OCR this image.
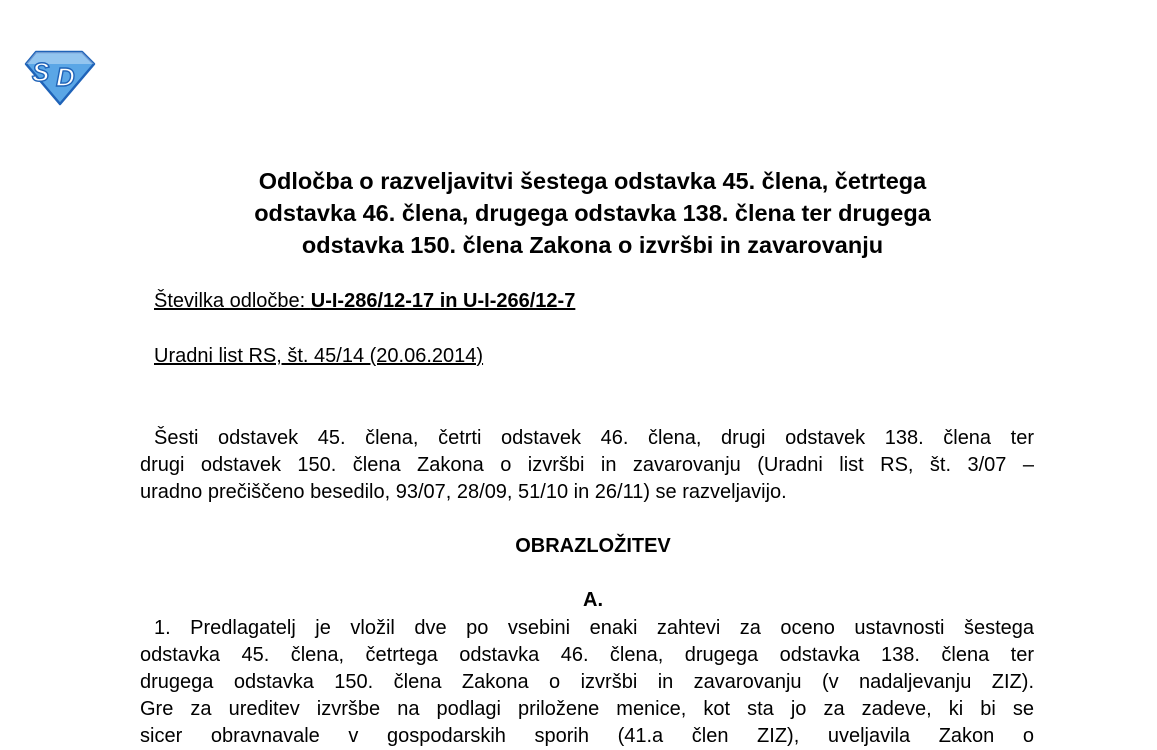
S D
Odločba o razveljavitvi šestega odstavka 45. člena, četrtega
odstavka 46. člena, drugega odstavka 138. člena ter drugega
odstavka 150. člena Zakona o izvršbi in zavarovanju
Številka odločbe: U-I-286/12-17 in U-I-266/12-7
Uradni list RS, št. 45/14 (20.06.2014)
Šesti odstavek 45. člena, četrti odstavek 46. člena, drugi odstavek 138. člena ter
drugi odstavek 150. člena Zakona o izvršbi in zavarovanju (Uradni list RS, št. 3/07 –
uradno prečiščeno besedilo, 93/07, 28/09, 51/10 in 26/11) se razveljavijo.
OBRAZLOŽITEV
A.
1. Predlagatelj je vložil dve po vsebini enaki zahtevi za oceno ustavnosti šestega
odstavka 45. člena, četrtega odstavka 46. člena, drugega odstavka 138. člena ter
drugega odstavka 150. člena Zakona o izvršbi in zavarovanju (v nadaljevanju ZIZ).
Gre za ureditev izvršbe na podlagi priložene menice, kot sta jo za zadeve, ki bi se
sicer obravnavale v gospodarskih sporih (41.a člen ZIZ), uveljavila Zakon o
